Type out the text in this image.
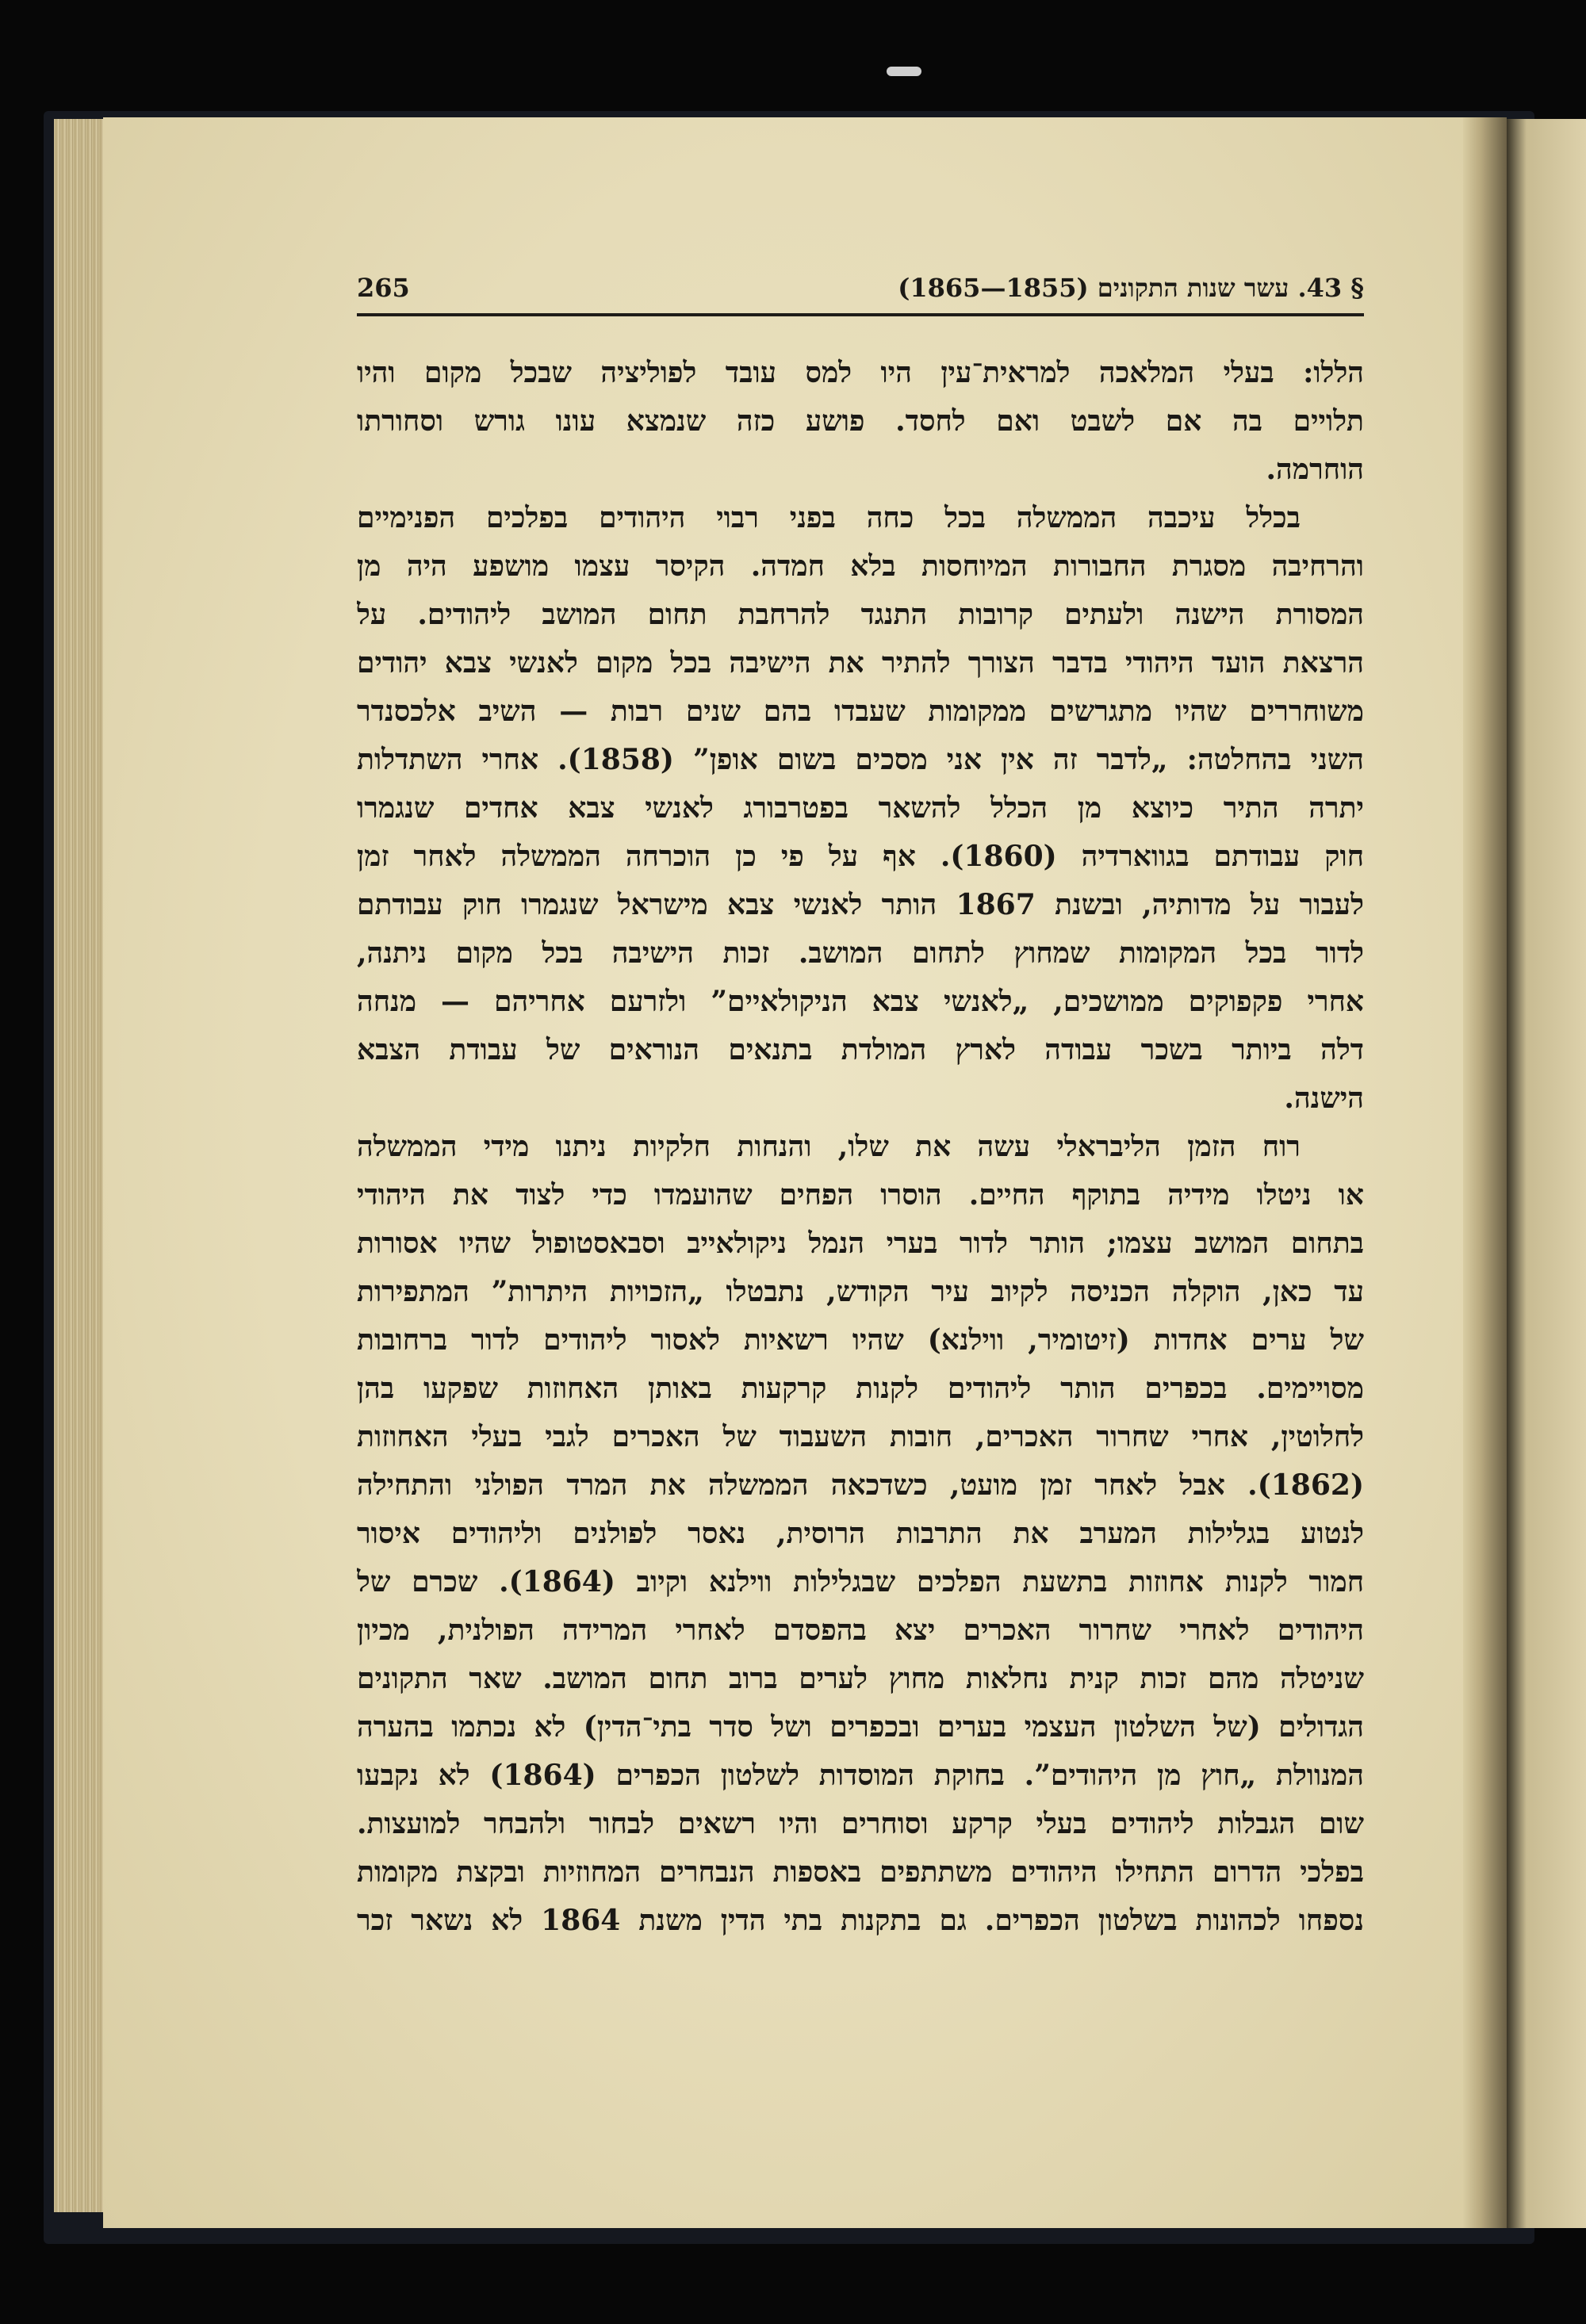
265	§ 43. עשר שנות התקונים (1855—1865)
הללו: בעלי המלאכה למראית־עין היו למס עובד לפוליציה שבכל מקום והיו
תלויים בה אם לשבט ואם לחסד. פושע כזה שנמצא עונו גורש וסחורתו
הוחרמה.
בכלל עיכבה הממשלה בכל כחה בפני רבוי היהודים בפלכים הפנימיים
והרחיבה מסגרת החבורות המיוחסות בלא חמדה. הקיסר עצמו מושפע היה מן
המסורת הישנה ולעתים קרובות התנגד להרחבת תחום המושב ליהודים. על
הרצאת הועד היהודי בדבר הצורך להתיר את הישיבה בכל מקום לאנשי צבא יהודים
משוחררים שהיו מתגרשים ממקומות שעבדו בהם שנים רבות — השיב אלכסנדר
השני בהחלטה: „לדבר זה אין אני מסכים בשום אופן” (1858). אחרי השתדלות
יתרה התיר כיוצא מן הכלל להשאר בפטרבורג לאנשי צבא אחדים שנגמרו
חוק עבודתם בגווארדיה (1860). אף על פי כן הוכרחה הממשלה לאחר זמן
לעבור על מדותיה, ובשנת 1867 הותר לאנשי צבא מישראל שנגמרו חוק עבודתם
לדור בכל המקומות שמחוץ לתחום המושב. זכות הישיבה בכל מקום ניתנה,
אחרי פקפוקים ממושכים, „לאנשי צבא הניקולאיים” ולזרעם אחריהם — מנחה
דלה ביותר בשכר עבודה לארץ המולדת בתנאים הנוראים של עבודת הצבא
הישנה.
רוח הזמן הליבראלי עשה את שלו, והנחות חלקיות ניתנו מידי הממשלה
או ניטלו מידיה בתוקף החיים. הוסרו הפחים שהועמדו כדי לצוד את היהודי
בתחום המושב עצמו; הותר לדור בערי הנמל ניקולאייב וסבאסטופול שהיו אסורות
עד כאן, הוקלה הכניסה לקיוב עיר הקודש, נתבטלו „הזכויות היתרות” המתפירות
של ערים אחדות (זיטומיר, ווילנא) שהיו רשאיות לאסור ליהודים לדור ברחובות
מסויימים. בכפרים הותר ליהודים לקנות קרקעות באותן האחוזות שפקעו בהן
לחלוטין, אחרי שחרור האכרים, חובות השעבוד של האכרים לגבי בעלי האחוזות
(1862). אבל לאחר זמן מועט, כשדכאה הממשלה את המרד הפולני והתחילה
לנטוע בגלילות המערב את התרבות הרוסית, נאסר לפולנים וליהודים איסור
חמור לקנות אחוזות בתשעת הפלכים שבגלילות ווילנא וקיוב (1864). שכרם של
היהודים לאחרי שחרור האכרים יצא בהפסדם לאחרי המרידה הפולנית, מכיון
שניטלה מהם זכות קנית נחלאות מחוץ לערים ברוב תחום המושב. שאר התקונים
הגדולים (של השלטון העצמי בערים ובכפרים ושל סדר בתי־הדין) לא נכתמו בהערה
המנוולת „חוץ מן היהודים”. בחוקת המוסדות לשלטון הכפרים (1864) לא נקבעו
שום הגבלות ליהודים בעלי קרקע וסוחרים והיו רשאים לבחור ולהבחר למועצות.
בפלכי הדרום התחילו היהודים משתתפים באספות הנבחרים המחוזיות ובקצת מקומות
נספחו לכהונות בשלטון הכפרים. גם בתקנות בתי הדין משנת 1864 לא נשאר זכר
